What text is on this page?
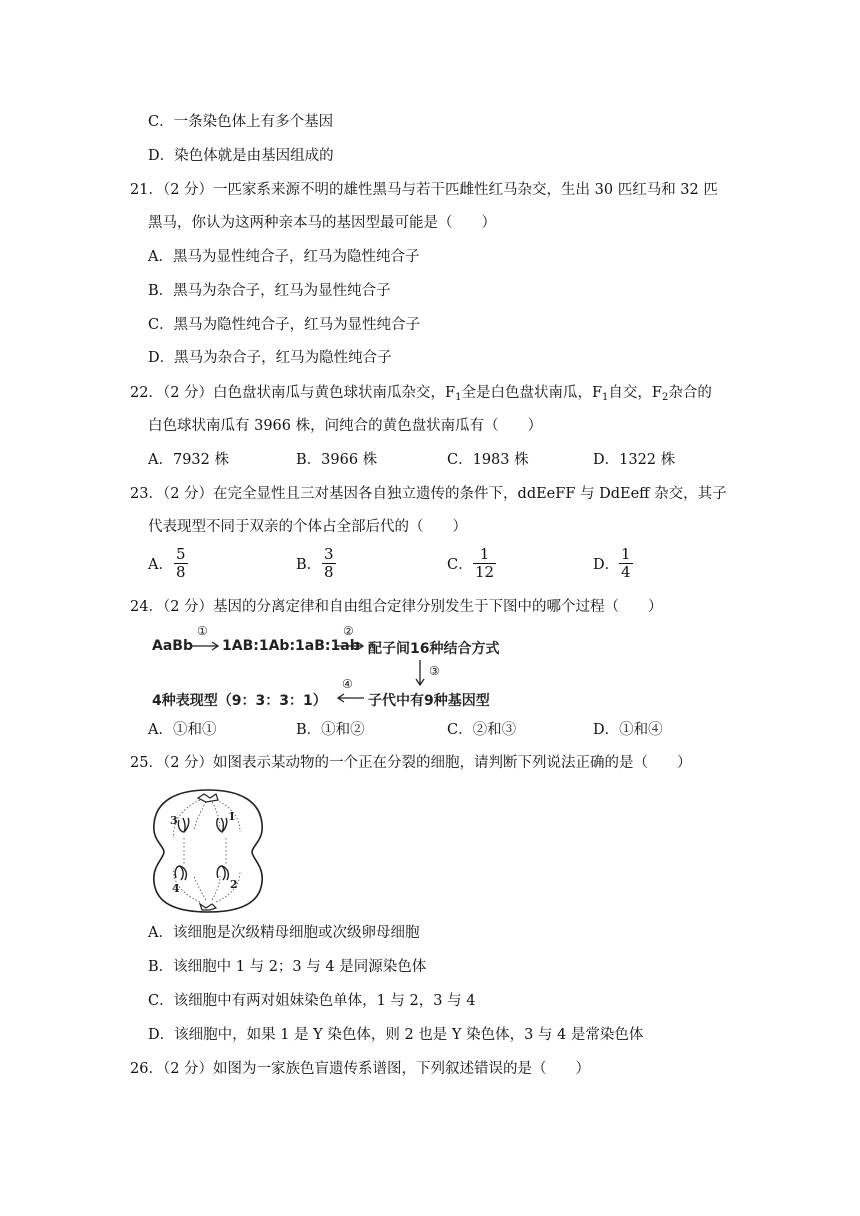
C．一条染色体上有多个基因
D．染色体就是由基因组成的
21．（2 分）一匹家系来源不明的雄性黑马与若干匹雌性红马杂交，生出 30 匹红马和 32 匹
黑马，你认为这两种亲本马的基因型最可能是（　　）
A．黑马为显性纯合子，红马为隐性纯合子
B．黑马为杂合子，红马为显性纯合子
C．黑马为隐性纯合子，红马为显性纯合子
D．黑马为杂合子，红马为隐性纯合子
22．（2 分）白色盘状南瓜与黄色球状南瓜杂交，$F_1$全是白色盘状南瓜，$F_1$自交，$F_2$杂合的
白色球状南瓜有 3966 株，问纯合的黄色盘状南瓜有（　　）
A．7932 株	B．3966 株	C．1983 株	D．1322 株
23．（2 分）在完全显性且三对基因各自独立遗传的条件下，ddEeFF 与 DdEeff 杂交，其子
代表现型不同于双亲的个体占全部后代的（　　）
A．
5
8	B．
3
8	C．
1
12	D．
1
4
24．（2 分）基因的分离定律和自由组合定律分别发生于下图中的哪个过程（　　）
AaBb
①
1AB:1Ab:1aB:1ab
②
配子间16种结合方式
③
4种表现型（9：3：3：1）
④
子代中有9种基因型
A．①和①	B．①和②	C．②和③	D．①和④
25．（2 分）如图表示某动物的一个正在分裂的细胞，请判断下列说法正确的是（　　）
3	1
4	2
A．该细胞是次级精母细胞或次级卵母细胞
B．该细胞中 1 与 2；3 与 4 是同源染色体
C．该细胞中有两对姐妹染色单体，1 与 2，3 与 4
D．该细胞中，如果 1 是 Y 染色体，则 2 也是 Y 染色体，3 与 4 是常染色体
26．（2 分）如图为一家族色盲遗传系谱图，下列叙述错误的是（　　）
